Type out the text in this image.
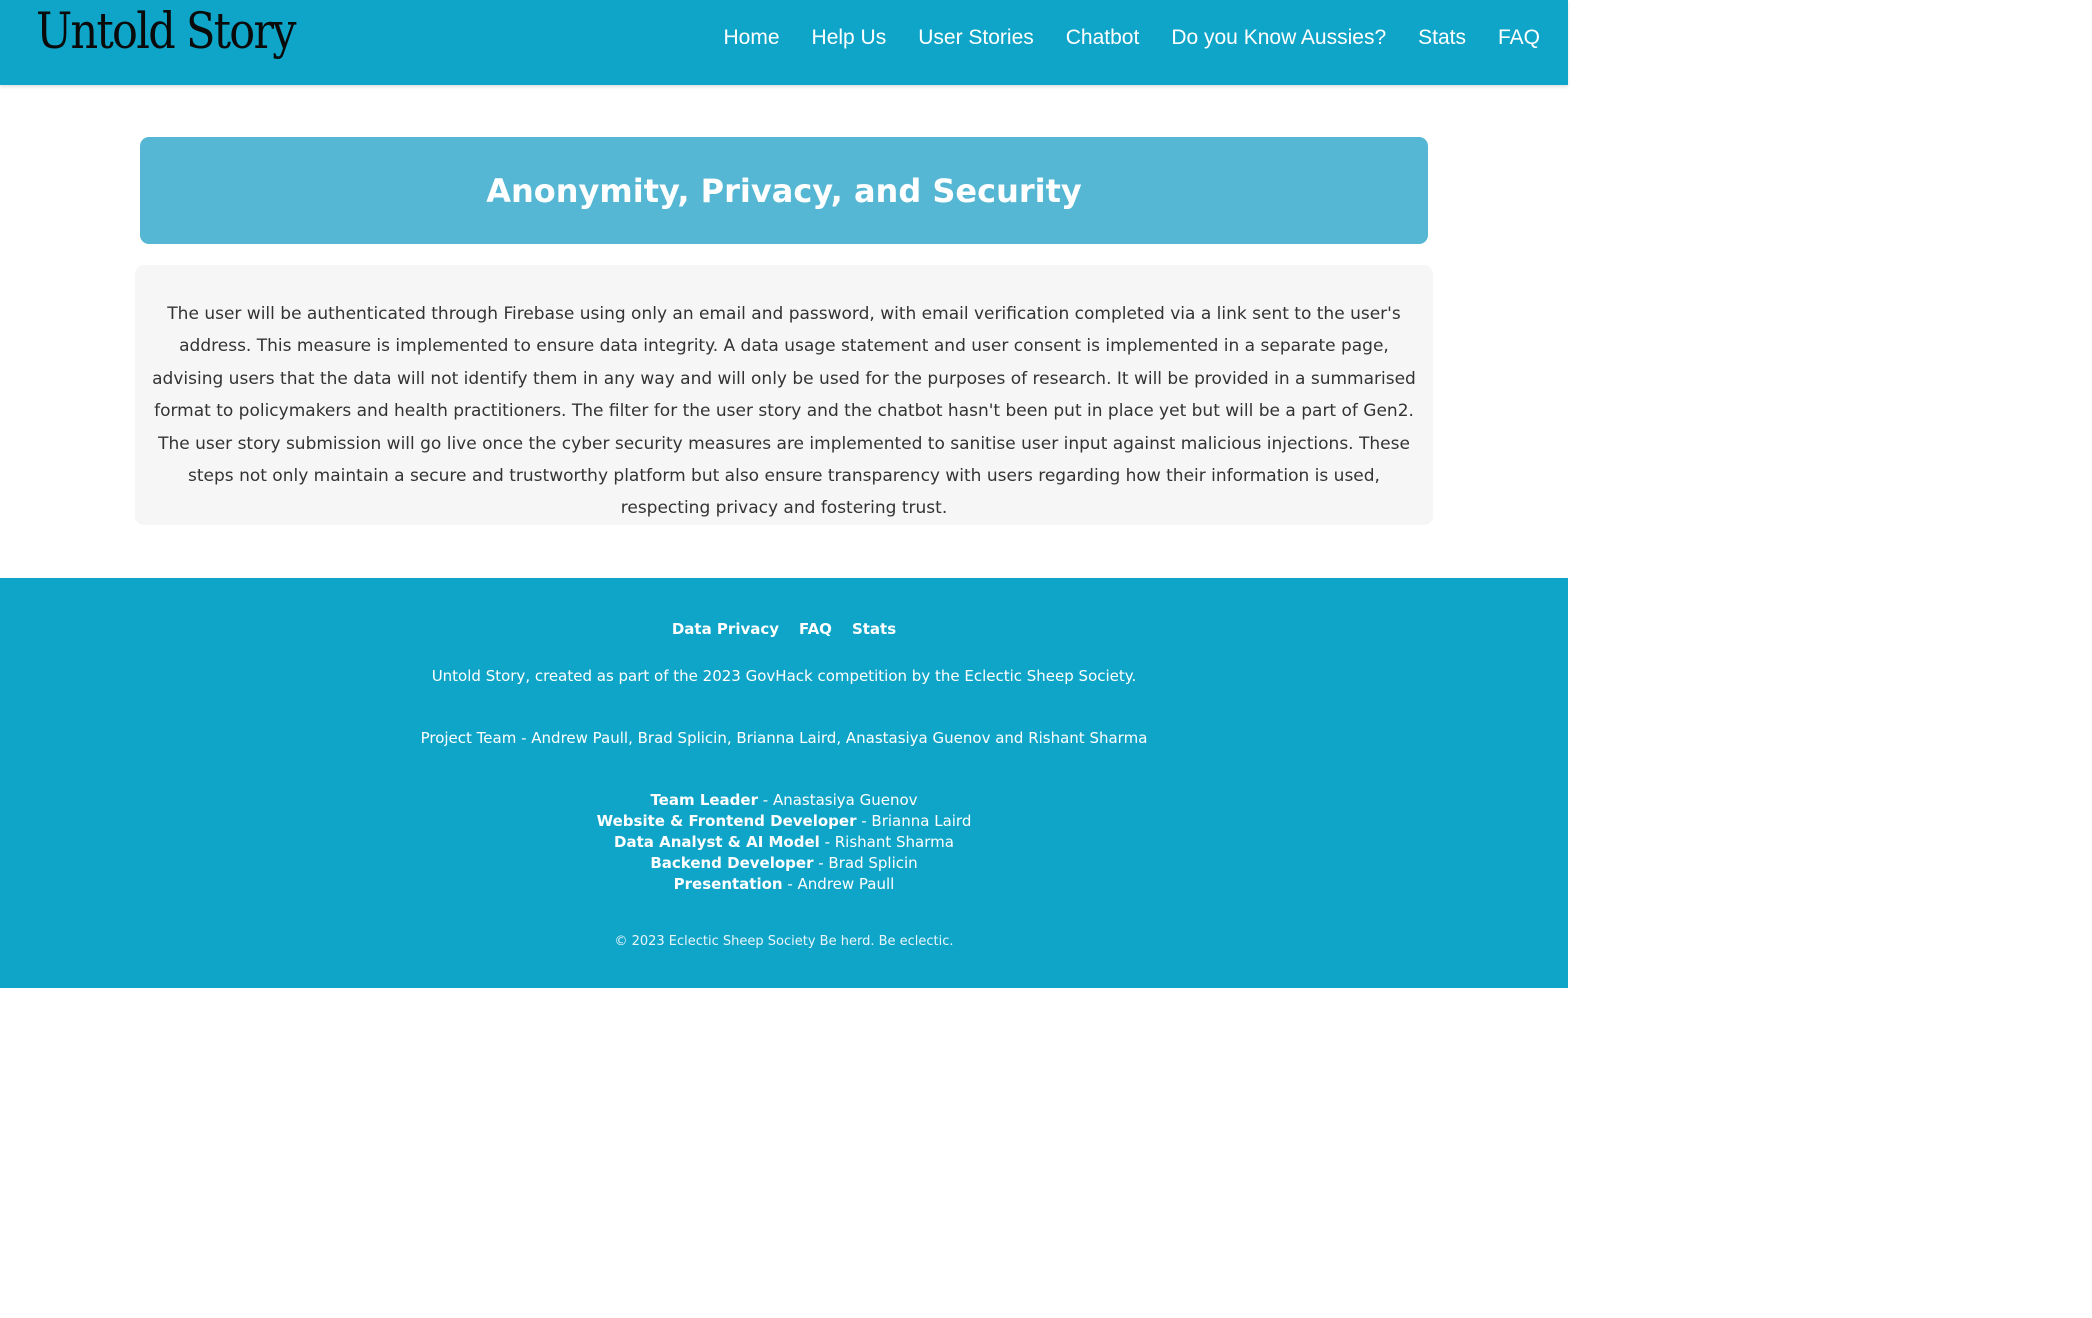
Untold Story	Home Help Us User Stories Chatbot Do you Know Aussies? Stats FAQ
Anonymity, Privacy, and Security

The user will be authenticated through Firebase using only an email and password, with email verification completed via a link sent to the user's address. This measure is implemented to ensure data integrity. A data usage statement and user consent is implemented in a separate page, advising users that the data will not identify them in any way and will only be used for the purposes of research. It will be provided in a summarised format to policymakers and health practitioners. The filter for the user story and the chatbot hasn't been put in place yet but will be a part of Gen2. The user story submission will go live once the cyber security measures are implemented to sanitise user input against malicious injections. These steps not only maintain a secure and trustworthy platform but also ensure transparency with users regarding how their information is used, respecting privacy and fostering trust.

Data Privacy FAQ Stats
Untold Story, created as part of the 2023 GovHack competition by the Eclectic Sheep Society.
Project Team - Andrew Paull, Brad Splicin, Brianna Laird, Anastasiya Guenov and Rishant Sharma
Team Leader - Anastasiya Guenov
Website & Frontend Developer - Brianna Laird
Data Analyst & AI Model - Rishant Sharma
Backend Developer - Brad Splicin
Presentation - Andrew Paull
© 2023 Eclectic Sheep Society Be herd. Be eclectic.
